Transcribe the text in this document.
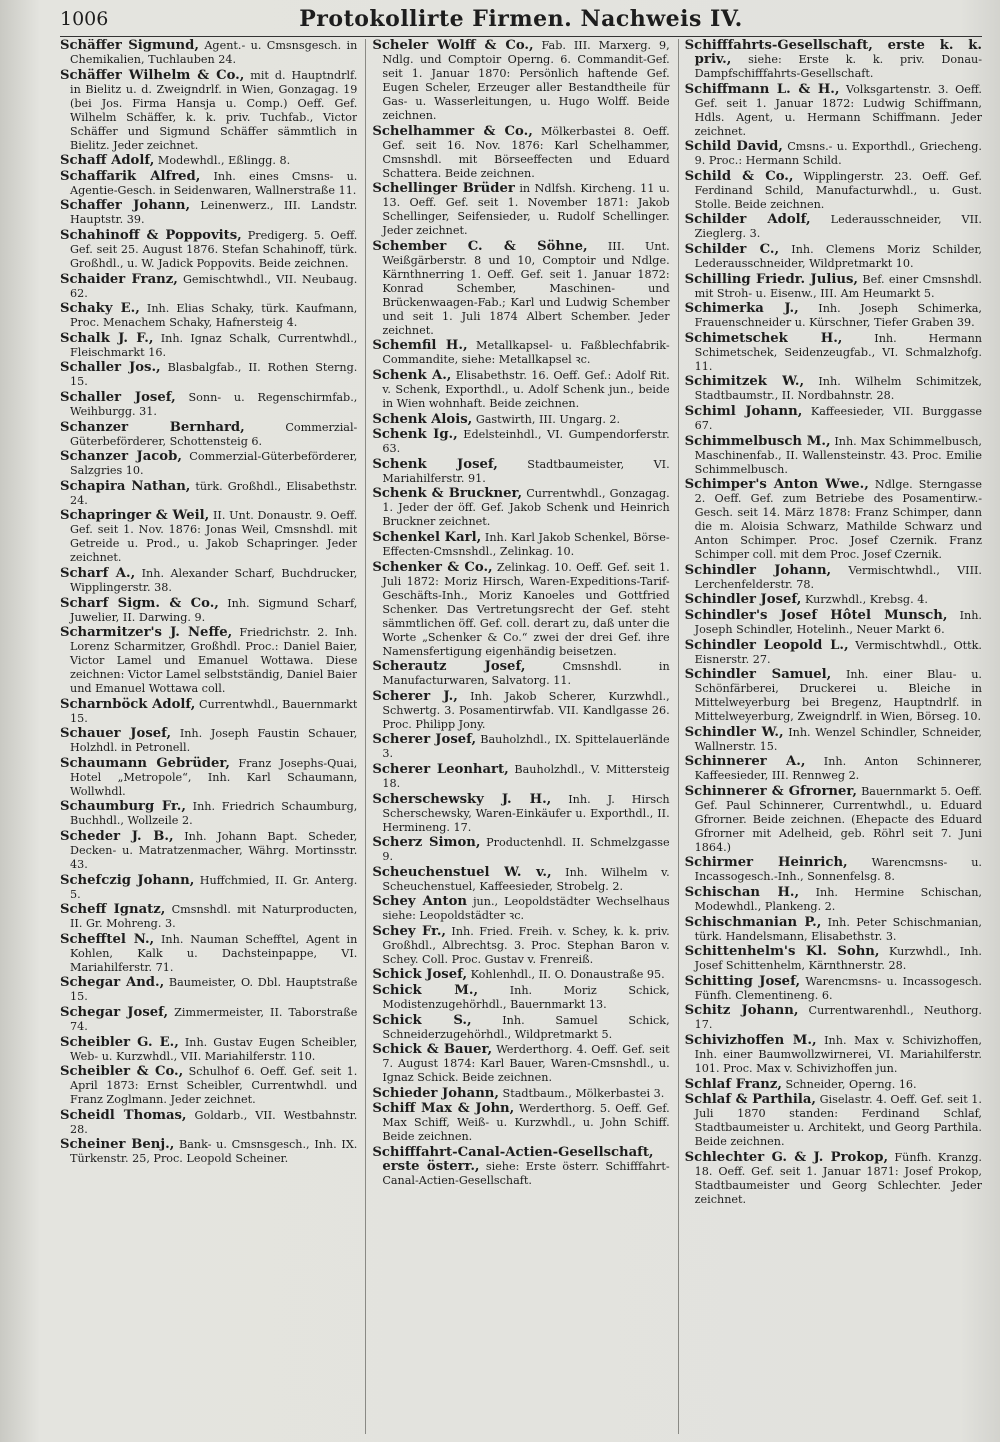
1006	Protokollirte Firmen. Nachweis IV.

Schäffer Sigmund, Agent.- u. Cmsnsgesch. in Chemikalien, Tuchlauben 24.

Schäffer Wilhelm & Co., mit d. Hauptndrlf. in Bielitz u. d. Zweigndrlf. in Wien, Gonzagag. 19 (bei Jos. Firma Hansja u. Comp.) Oeff. Gef. Wilhelm Schäffer, k. k. priv. Tuchfab., Victor Schäffer und Sigmund Schäffer sämmtlich in Bielitz. Jeder zeichnet.

Schaff Adolf, Modewhdl., Eßlingg. 8.

Schaffarik Alfred, Inh. eines Cmsns- u. Agentie-Gesch. in Seidenwaren, Wallnerstraße 11.

Schaffer Johann, Leinenwerz., III. Landstr. Hauptstr. 39.

Schahinoff & Poppovits, Predigerg. 5. Oeff. Gef. seit 25. August 1876. Stefan Schahinoff, türk. Großhdl., u. W. Jadick Poppovits. Beide zeichnen.

Schaider Franz, Gemischtwhdl., VII. Neubaug. 62.

Schaky E., Inh. Elias Schaky, türk. Kaufmann, Proc. Menachem Schaky, Hafnersteig 4.

Schalk J. F., Inh. Ignaz Schalk, Currentwhdl., Fleischmarkt 16.

Schaller Jos., Blasbalgfab., II. Rothen Sterng. 15.

Schaller Josef, Sonn- u. Regenschirmfab., Weihburgg. 31.

Schanzer Bernhard,	Commerzial-Güterbeförderer, Schottensteig 6.

Schanzer Jacob, Commerzial-Güterbeförderer, Salzgries 10.

Schapira Nathan, türk. Großhdl., Elisabethstr. 24.

Schapringer & Weil, II. Unt. Donaustr. 9. Oeff. Gef. seit 1. Nov. 1876: Jonas Weil, Cmsnshdl. mit Getreide u. Prod., u. Jakob Schapringer. Jeder zeichnet.

Scharf A., Inh. Alexander Scharf, Buchdrucker, Wipplingerstr. 38.

Scharf Sigm. & Co., Inh. Sigmund Scharf, Juwelier, II. Darwing. 9.

Scharmitzer's J. Neffe, Friedrichstr. 2. Inh. Lorenz Scharmitzer, Großhdl. Proc.: Daniel Baier, Victor Lamel und Emanuel Wottawa. Diese zeichnen: Victor Lamel selbstständig, Daniel Baier und Emanuel Wottawa coll.

Scharnböck Adolf, Currentwhdl., Bauernmarkt 15.

Schauer Josef, Inh. Joseph Faustin Schauer, Holzhdl. in Petronell.

Schaumann Gebrüder, Franz Josephs-Quai, Hotel „Metropole“, Inh. Karl Schaumann, Wollwhdl.

Schaumburg Fr., Inh. Friedrich Schaumburg, Buchhdl., Wollzeile 2.

Scheder J. B., Inh. Johann Bapt. Scheder, Decken- u. Matratzenmacher, Währg. Mortinsstr. 43.

Schefczig Johann, Huffchmied, II. Gr. Anterg. 5.

Scheff Ignatz, Cmsnshdl. mit Naturproducten, II. Gr. Mohreng. 3.

Schefftel N., Inh. Nauman Schefftel, Agent in Kohlen, Kalk u. Dachsteinpappe, VI. Mariahilferstr. 71.

Schegar And., Baumeister, O. Dbl. Hauptstraße 15.

Schegar Josef, Zimmermeister, II. Taborstraße 74.

Scheibler G. E., Inh. Gustav Eugen Scheibler, Web- u. Kurzwhdl., VII. Mariahilferstr. 110.

Scheibler & Co., Schulhof 6. Oeff. Gef. seit 1. April 1873: Ernst Scheibler, Currentwhdl. und Franz Zoglmann. Jeder zeichnet.

Scheidl Thomas, Goldarb., VII. Westbahnstr. 28.

Scheiner Benj., Bank- u. Cmsnsgesch., Inh. IX. Türkenstr. 25, Proc. Leopold Scheiner.

Scheler Wolff & Co., Fab. III. Marxerg. 9, Ndlg. und Comptoir Operng. 6. Commandit-Gef. seit 1. Januar 1870: Persönlich haftende Gef. Eugen Scheler, Erzeuger aller Bestandtheile für Gas- u. Wasserleitungen, u. Hugo Wolff. Beide zeichnen.

Schelhammer & Co., Mölkerbastei 8. Oeff. Gef. seit 16. Nov. 1876: Karl Schelhammer, Cmsnshdl. mit Börseeffecten und Eduard Schattera. Beide zeichnen.

Schellinger Brüder in Ndlfsh. Kircheng. 11 u. 13. Oeff. Gef. seit 1. November 1871: Jakob Schellinger, Seifensieder, u. Rudolf Schellinger. Jeder zeichnet.

Schember C. & Söhne, III. Unt. Weißgärberstr. 8 und 10, Comptoir und Ndlge. Kärnthnerring 1. Oeff. Gef. seit 1. Januar 1872: Konrad Schember, Maschinen- und Brückenwaagen-Fab.; Karl und Ludwig Schember und seit 1. Juli 1874 Albert Schember. Jeder zeichnet.

Schemfil H., Metallkapsel- u. Faßblechfabrik-Commandite, siehe: Metallkapsel ꝛc.

Schenk A., Elisabethstr. 16. Oeff. Gef.: Adolf Rit. v. Schenk, Exporthdl., u. Adolf Schenk jun., beide in Wien wohnhaft. Beide zeichnen.

Schenk Alois, Gastwirth, III. Ungarg. 2.

Schenk Ig., Edelsteinhdl., VI. Gumpendorferstr. 63.

Schenk Josef,	Stadtbaumeister, VI. Mariahilferstr. 91.

Schenk & Bruckner, Currentwhdl., Gonzagag. 1. Jeder der öff. Gef. Jakob Schenk und Heinrich Bruckner zeichnet.

Schenkel Karl, Inh. Karl Jakob Schenkel, Börse-Effecten-Cmsnshdl., Zelinkag. 10.

Schenker & Co., Zelinkag. 10. Oeff. Gef. seit 1. Juli 1872: Moriz Hirsch, Waren-Expeditions-Tarif-Geschäfts-Inh., Moriz Kanoeles und Gottfried Schenker. Das Vertretungsrecht der Gef. steht sämmtlichen öff. Gef. coll. derart zu, daß unter die Worte „Schenker & Co.“ zwei der drei Gef. ihre Namensfertigung eigenhändig beisetzen.

Scherautz Josef,	Cmsnshdl. in Manufacturwaren, Salvatorg. 11.

Scherer J., Inh. Jakob Scherer, Kurzwhdl., Schwertg. 3. Posamentirwfab. VII. Kandlgasse 26. Proc. Philipp Jony.

Scherer Josef, Bauholzhdl., IX. Spittelauerlände 3.

Scherer Leonhart, Bauholzhdl., V. Mittersteig 18.

Scherschewsky J. H., Inh. J. Hirsch Scherschewsky, Waren-Einkäufer u. Exporthdl., II. Hermineng. 17.

Scherz Simon, Productenhdl. II. Schmelzgasse 9.

Scheuchenstuel W. v., Inh. Wilhelm v. Scheuchenstuel, Kaffeesieder, Strobelg. 2.

Schey Anton jun., Leopoldstädter Wechselhaus siehe: Leopoldstädter ꝛc.

Schey Fr., Inh. Fried. Freih. v. Schey, k. k. priv. Großhdl., Albrechtsg. 3. Proc. Stephan Baron v. Schey. Coll. Proc. Gustav v. Frenreiß.

Schick Josef, Kohlenhdl., II. O. Donaustraße 95.

Schick M.,	Inh. Moriz Schick, Modistenzugehörhdl., Bauernmarkt 13.

Schick S.,	Inh. Samuel Schick, Schneiderzugehörhdl., Wildpretmarkt 5.

Schick & Bauer, Werderthorg. 4. Oeff. Gef. seit 7. August 1874: Karl Bauer, Waren-Cmsnshdl., u. Ignaz Schick. Beide zeichnen.

Schieder Johann, Stadtbaum., Mölkerbastei 3.

Schiff Max & John, Werderthorg. 5. Oeff. Gef. Max Schiff, Weiß- u. Kurzwhdl., u. John Schiff. Beide zeichnen.

Schifffahrt-Canal-Actien-Gesellschaft, erste österr., siehe: Erste österr. Schifffahrt-Canal-Actien-Gesellschaft.

Schifffahrts-Gesellschaft, erste k. k. priv., siehe: Erste k. k. priv. Donau-Dampfschifffahrts-Gesellschaft.

Schiffmann L. & H., Volksgartenstr. 3. Oeff. Gef. seit 1. Januar 1872: Ludwig Schiffmann, Hdls. Agent, u. Hermann Schiffmann. Jeder zeichnet.

Schild David, Cmsns.- u. Exporthdl., Griecheng. 9. Proc.: Hermann Schild.

Schild & Co., Wipplingerstr. 23. Oeff. Gef. Ferdinand Schild, Manufacturwhdl., u. Gust. Stolle. Beide zeichnen.

Schilder Adolf, Lederausschneider, VII. Zieglerg. 3.

Schilder C., Inh. Clemens Moriz Schilder, Lederausschneider, Wildpretmarkt 10.

Schilling Friedr. Julius, Bef. einer Cmsnshdl. mit Stroh- u. Eisenw., III. Am Heumarkt 5.

Schimerka J., Inh. Joseph Schimerka, Frauenschneider u. Kürschner, Tiefer Graben 39.

Schimetschek H.,	Inh. Hermann Schimetschek, Seidenzeugfab., VI. Schmalzhofg. 11.

Schimitzek W., Inh. Wilhelm Schimitzek, Stadtbaumstr., II. Nordbahnstr. 28.

Schiml Johann, Kaffeesieder, VII. Burggasse 67.

Schimmelbusch M., Inh. Max Schimmelbusch, Maschinenfab., II. Wallensteinstr. 43. Proc. Emilie Schimmelbusch.

Schimper's Anton Wwe., Ndlge. Sterngasse 2. Oeff. Gef. zum Betriebe des Posamentirw.-Gesch. seit 14. März 1878: Franz Schimper, dann die m. Aloisia Schwarz, Mathilde Schwarz und Anton Schimper. Proc. Josef Czernik. Franz Schimper coll. mit dem Proc. Josef Czernik.

Schindler Johann, Vermischtwhdl., VIII. Lerchenfelderstr. 78.

Schindler Josef, Kurzwhdl., Krebsg. 4.

Schindler's Josef Hôtel Munsch, Inh. Joseph Schindler, Hotelinh., Neuer Markt 6.

Schindler Leopold L., Vermischtwhdl., Ottk. Eisnerstr. 27.

Schindler Samuel, Inh. einer Blau- u. Schönfärberei, Druckerei u. Bleiche in Mittelweyerburg bei Bregenz, Hauptndrlf. in Mittelweyerburg, Zweigndrlf. in Wien, Börseg. 10.

Schindler W., Inh. Wenzel Schindler, Schneider, Wallnerstr. 15.

Schinnerer A., Inh. Anton Schinnerer, Kaffeesieder, III. Rennweg 2.

Schinnerer & Gfrorner, Bauernmarkt 5. Oeff. Gef. Paul Schinnerer, Currentwhdl., u. Eduard Gfrorner. Beide zeichnen. (Ehepacte des Eduard Gfrorner mit Adelheid, geb. Röhrl seit 7. Juni 1864.)

Schirmer Heinrich, Warencmsns- u. Incassogesch.-Inh., Sonnenfelsg. 8.

Schischan H., Inh. Hermine Schischan, Modewhdl., Plankeng. 2.

Schischmanian P., Inh. Peter Schischmanian, türk. Handelsmann, Elisabethstr. 3.

Schittenhelm's Kl. Sohn, Kurzwhdl., Inh. Josef Schittenhelm, Kärnthnerstr. 28.

Schitting Josef, Warencmsns- u. Incassogesch. Fünfh. Clementineng. 6.

Schitz Johann, Currentwarenhdl., Neuthorg. 17.

Schivizhoffen M., Inh. Max v. Schivizhoffen, Inh. einer Baumwollzwirnerei, VI. Mariahilferstr. 101. Proc. Max v. Schivizhoffen jun.

Schlaf Franz, Schneider, Operng. 16.

Schlaf & Parthila, Giselastr. 4. Oeff. Gef. seit 1. Juli 1870 standen: Ferdinand Schlaf, Stadtbaumeister u. Architekt, und Georg Parthila. Beide zeichnen.

Schlechter G. & J. Prokop, Fünfh. Kranzg. 18. Oeff. Gef. seit 1. Januar 1871: Josef Prokop, Stadtbaumeister und Georg Schlechter. Jeder zeichnet.
